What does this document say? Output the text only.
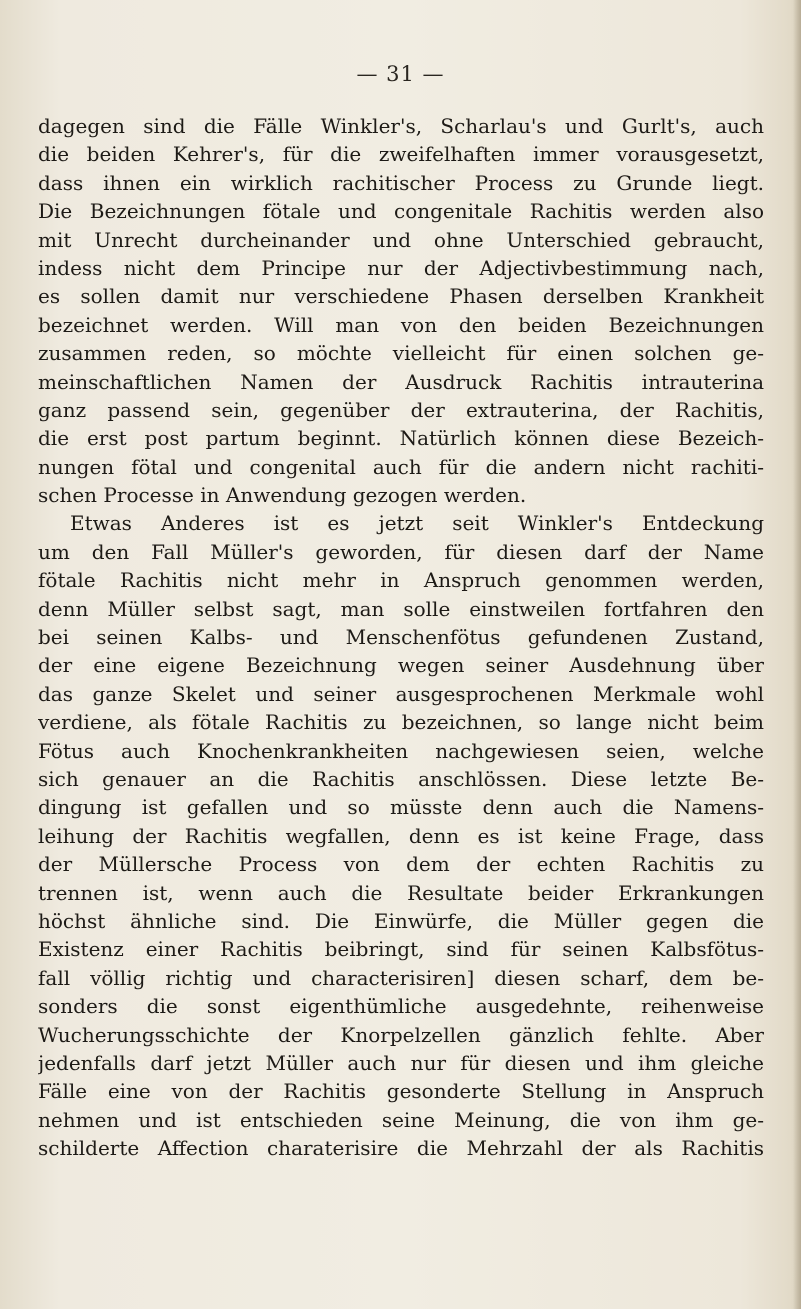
— 31 —
dagegen sind die Fälle Winkler's, Scharlau's und Gurlt's, auch
die beiden Kehrer's, für die zweifelhaften immer vorausgesetzt,
dass ihnen ein wirklich rachitischer Process zu Grunde liegt.
Die Bezeichnungen fötale und congenitale Rachitis werden also
mit Unrecht durcheinander und ohne Unterschied gebraucht,
indess nicht dem Principe nur der Adjectivbestimmung nach,
es sollen damit nur verschiedene Phasen derselben Krankheit
bezeichnet werden. Will man von den beiden Bezeichnungen
zusammen reden, so möchte vielleicht für einen solchen ge-
meinschaftlichen Namen der Ausdruck Rachitis intrauterina
ganz passend sein, gegenüber der extrauterina, der Rachitis,
die erst post partum beginnt. Natürlich können diese Bezeich-
nungen fötal und congenital auch für die andern nicht rachiti-
schen Processe in Anwendung gezogen werden.
Etwas Anderes ist es jetzt seit Winkler's Entdeckung
um den Fall Müller's geworden, für diesen darf der Name
fötale Rachitis nicht mehr in Anspruch genommen werden,
denn Müller selbst sagt, man solle einstweilen fortfahren den
bei seinen Kalbs- und Menschenfötus gefundenen Zustand,
der eine eigene Bezeichnung wegen seiner Ausdehnung über
das ganze Skelet und seiner ausgesprochenen Merkmale wohl
verdiene, als fötale Rachitis zu bezeichnen, so lange nicht beim
Fötus auch Knochenkrankheiten nachgewiesen seien, welche
sich genauer an die Rachitis anschlössen. Diese letzte Be-
dingung ist gefallen und so müsste denn auch die Namens-
leihung der Rachitis wegfallen, denn es ist keine Frage, dass
der Müllersche Process von dem der echten Rachitis zu
trennen ist, wenn auch die Resultate beider Erkrankungen
höchst ähnliche sind. Die Einwürfe, die Müller gegen die
Existenz einer Rachitis beibringt, sind für seinen Kalbsfötus-
fall völlig richtig und characterisiren] diesen scharf, dem be-
sonders die sonst eigenthümliche ausgedehnte, reihenweise
Wucherungsschichte der Knorpelzellen gänzlich fehlte. Aber
jedenfalls darf jetzt Müller auch nur für diesen und ihm gleiche
Fälle eine von der Rachitis gesonderte Stellung in Anspruch
nehmen und ist entschieden seine Meinung, die von ihm ge-
schilderte Affection charaterisire die Mehrzahl der als Rachitis
